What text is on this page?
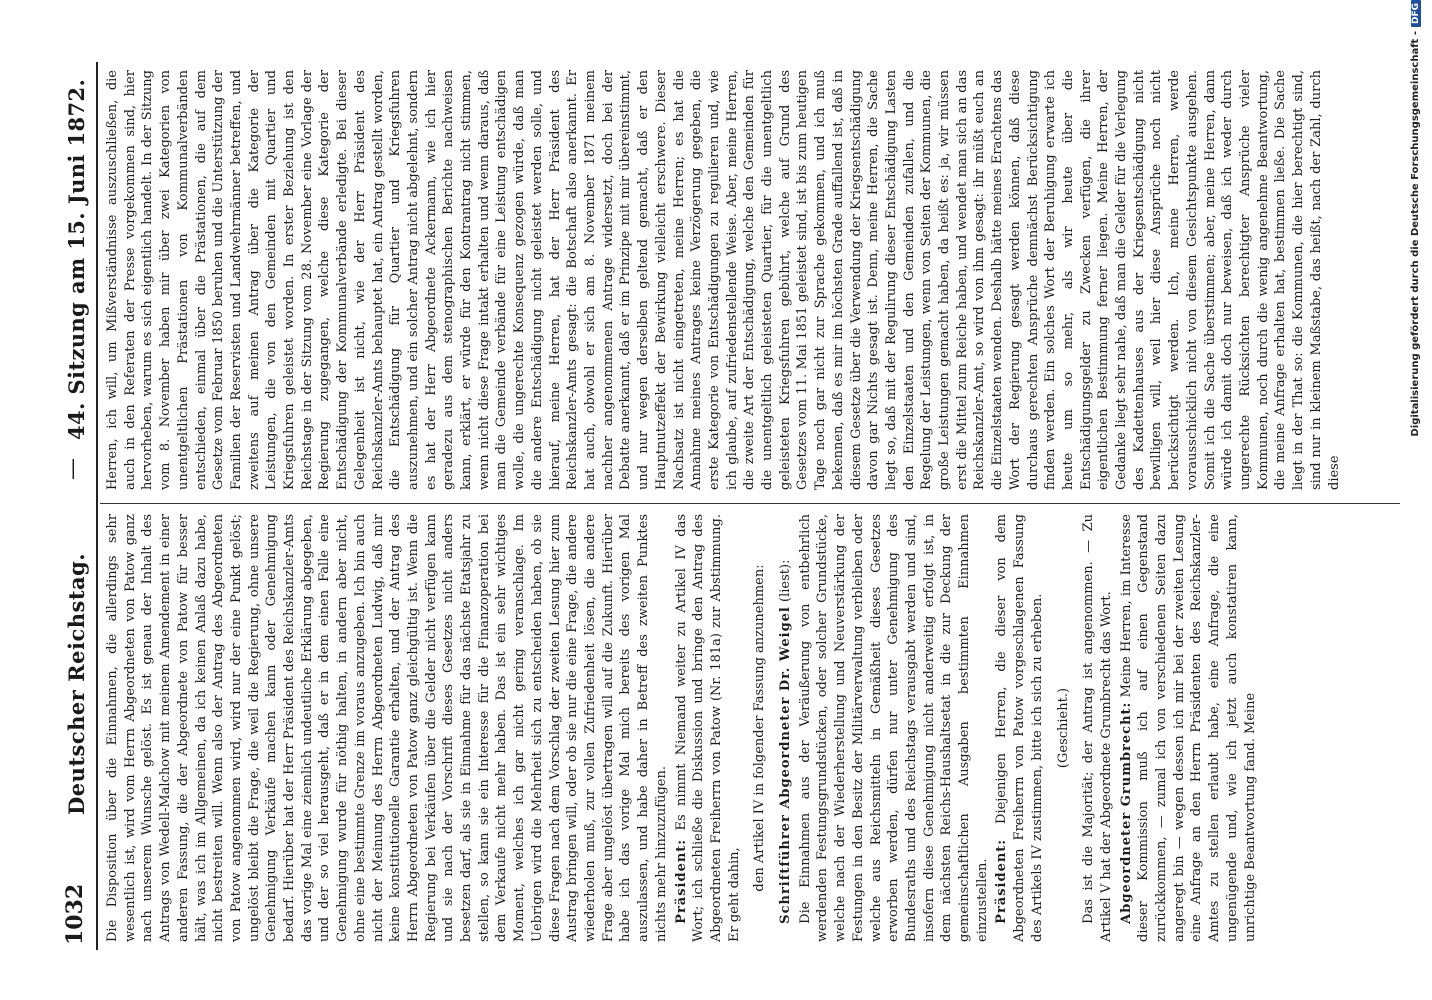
1032
Deutscher Reichstag.
—
44. Sitzung am 15. Juni 1872.

Die Disposition über die Einnahmen, die allerdings sehr wesentlich ist, wird vom Herrn Abgeordneten von Patow ganz nach unserem Wunsche gelöst. Es ist genau der Inhalt des Antrags von Wedell-Malchow mit meinem Amendement in einer anderen Fassung, die der Abgeordnete von Patow für besser hält, was ich im Allgemeinen, da ich keinen Anlaß dazu habe, nicht bestreiten will. Wenn also der Antrag des Abgeordneten von Patow angenommen wird, wird nur der eine Punkt gelöst; ungelöst bleibt die Frage, die weil die Regierung, ohne unsere Genehmigung Verkäufe machen kann oder Genehmigung bedarf. Hierüber hat der Herr Präsident des Reichskanzler-Amts das vorige Mal eine ziemlich undeutliche Erklärung abgegeben, und der so viel herausgeht, daß er in dem einen Falle eine Genehmigung wurde für nöthig halten, in andern aber nicht, ohne eine bestimmte Grenze im voraus anzugeben. Ich bin auch nicht der Meinung des Herrn Abgeordneten Ludwig, daß mir keine konstitutionelle Garantie erhalten, und der Antrag des Herrn Abgeordneten von Patow ganz gleichgültig ist. Wenn die Regierung bei Verkäufen über die Gelder nicht verfügen kann und sie nach der Vorschrift dieses Gesetzes nicht anders besetzen darf, als sie in Einnahme für das nächste Etatsjahr zu stellen, so kann sie ein Interesse für die Finanzoperation bei dem Verkaufe nicht mehr haben. Das ist ein sehr wichtiges Moment, welches ich gar nicht gering veranschlage. Im Uebrigen wird die Mehrheit sich zu entscheiden haben, ob sie diese Fragen nach dem Vorschlag der zweiten Lesung hier zum Austrag bringen will, oder ob sie nur die eine Frage, die andere wiederholen muß, zur vollen Zufriedenheit lösen, die andere Frage aber ungelöst übertragen will auf die Zukunft. Hierüber habe ich das vorige Mal mich bereits des vorigen Mal auszulassen, und habe daher in Betreff des zweiten Punktes nichts mehr hinzuzufügen. Präsident: Es nimmt Niemand weiter zu Artikel IV das Wort; ich schließe die Diskussion und bringe den Antrag des Abgeordneten Freiherrn von Patow (Nr. 181a) zur Abstimmung. Er geht dahin,

den Artikel IV in folgender Fassung anzunehmen: Schriftführer Abgeordneter Dr. Weigel (liest): Die Einnahmen aus der Veräußerung von entbehrlich werdenden Festungsgrundstücken, oder solcher Grundstücke, welche nach der Wiederherstellung und Neuverstärkung der Festungen in den Besitz der Militärverwaltung verbleiben oder welche aus Reichsmitteln in Gemäßheit dieses Gesetzes erworben werden, dürfen nur unter Genehmigung des Bundesraths und des Reichstags verausgabt werden und sind, insofern diese Genehmigung nicht anderweitig erfolgt ist, in dem nächsten Reichs-Haushaltsetat in die zur Deckung der gemeinschaftlichen Ausgaben bestimmten Einnahmen einzustellen. Präsident: Diejenigen Herren, die dieser von dem Abgeordneten Freiherrn von Patow vorgeschlagenen Fassung des Artikels IV zustimmen, bitte ich sich zu erheben. (Geschieht.) Das ist die Majorität; der Antrag ist angenommen. — Zu Artikel V hat der Abgeordnete Grumbrecht das Wort. Abgeordneter Grumbrecht: Meine Herren, im Interesse dieser Kommission muß ich auf einen Gegenstand zurückkommen, — zumal ich von verschiedenen Seiten dazu angeregt bin — wegen dessen ich mir bei der zweiten Lesung eine Anfrage an den Herrn Präsidenten des Reichskanzler-Amtes zu stellen erlaubt habe, eine Anfrage, die eine ungenügende und, wie ich jetzt auch konstatiren kann, unrichtige Beantwortung fand. Meine

Herren, ich will, um Mißverständnisse auszuschließen, die auch in den Referaten der Presse vorgekommen sind, hier hervorheben, warum es sich eigentlich handelt. In der Sitzung vom 8. November haben mir über zwei Kategorien von unentgeltlichen Prästationen von Kommunalverbänden entschieden, einmal über die Prästationen, die auf dem Gesetze vom Februar 1850 beruhen und die Unterstützung der Familien der Reservisten und Landwehrmänner betreffen, und zweitens auf meinen Antrag über die Kategorie der Leistungen, die von den Gemeinden mit Quartier und Kriegsfuhren geleistet worden. In erster Beziehung ist den Reichstage in der Sitzung vom 28. November eine Vorlage der Regierung zugegangen, welche diese Kategorie der Entschädigung der Kommunalverbände erledigte. Bei dieser Gelegenheit ist nicht, wie der Herr Präsident des Reichskanzler-Amts behauptet hat, ein Antrag gestellt worden, die Entschädigung für Quartier und Kriegsfuhren auszunehmen, und ein solcher Antrag nicht abgelehnt, sondern es hat der Herr Abgeordnete Ackermann, wie ich hier geradezu aus dem stenographischen Berichte nachweisen kann, erklärt, er würde für den Kontrantrag nicht stimmen, wenn nicht diese Frage intakt erhalten und wenn daraus, daß man die Gemeinde verbände für eine Leistung entschädigen wolle, die ungerechte Konsequenz gezogen würde, daß man die andere Entschädigung nicht geleistet werden solle, und hierauf, meine Herren, hat der Herr Präsident des Reichskanzler-Amts gesagt: die Botschaft also anerkannt. Er hat auch, obwohl er sich am 8. November 1871 meinem nachher angenommenen Antrage widersetzt, doch bei der Debatte anerkannt, daß er im Prinzipe mit mir übereinstimmt, und nur wegen derselben geltend gemacht, daß er den Hauptnutzeffekt der Bewirkung vielleicht erschwere. Dieser Nachsatz ist nicht eingetreten, meine Herren; es hat die Annahme meines Antrages keine Verzögerung gegeben, die erste Kategorie von Entschädigungen zu regulieren und, wie ich glaube, auf zufriedenstellende Weise. Aber, meine Herren, die zweite Art der Entschädigung, welche den Gemeinden für die unentgeltlich geleisteten Quartier, für die unentgeltlich geleisteten Kriegsfuhren gebührt, welche auf Grund des Gesetzes vom 11. Mai 1851 geleistet sind, ist bis zum heutigen Tage noch gar nicht zur Sprache gekommen, und ich muß bekennen, daß es mir im höchsten Grade auffallend ist, daß in diesem Gesetze über die Verwendung der Kriegsentschädigung davon gar Nichts gesagt ist. Denn, meine Herren, die Sache liegt so, daß mit der Regulirung dieser Entschädigung Lasten den Einzelstaaten und den Gemeinden zufallen, und die Regelung der Leistungen, wenn von Seiten der Kommunen, die große Leistungen gemacht haben, da heißt es: ja, wir müssen erst die Mittel zum Reiche haben, und wendet man sich an das Reichskanzler-Amt, so wird von ihm gesagt: ihr müßt euch an die Einzelstaaten wenden. Deshalb hätte meines Erachtens das Wort der Regierung gesagt werden können, daß diese durchaus gerechten Ansprüche demnächst Berücksichtigung finden werden. Ein solches Wort der Beruhigung erwarte ich heute um so mehr, als wir heute über die Entschädigungsgelder zu Zwecken verfügen, die ihrer eigentlichen Bestimmung ferner liegen. Meine Herren, der Gedanke liegt sehr nahe, daß man die Gelder für die Verlegung des Kadettenhauses aus der Kriegsentschädigung nicht bewilligen will, weil hier diese Ansprüche noch nicht berücksichtigt werden. Ich, meine Herren, werde vorausschicklich nicht von diesem Gesichtspunkte ausgehen. Somit ich die Sache überstimmen; aber, meine Herren, dann würde ich damit doch nur beweisen, daß ich weder durch ungerechte Rücksichten berechtigter Ansprüche vieler Kommunen, noch durch die wenig angenehme Beantwortung, die meine Anfrage erhalten hat, bestimmen ließe. Die Sache liegt in der That so: die Kommunen, die hier berechtigt sind, sind nur in kleinem Maßstabe, das heißt, nach der Zahl, durch diese

Digitalisierung gefördert durch die Deutsche Forschungsgemeinschaft -DFG
